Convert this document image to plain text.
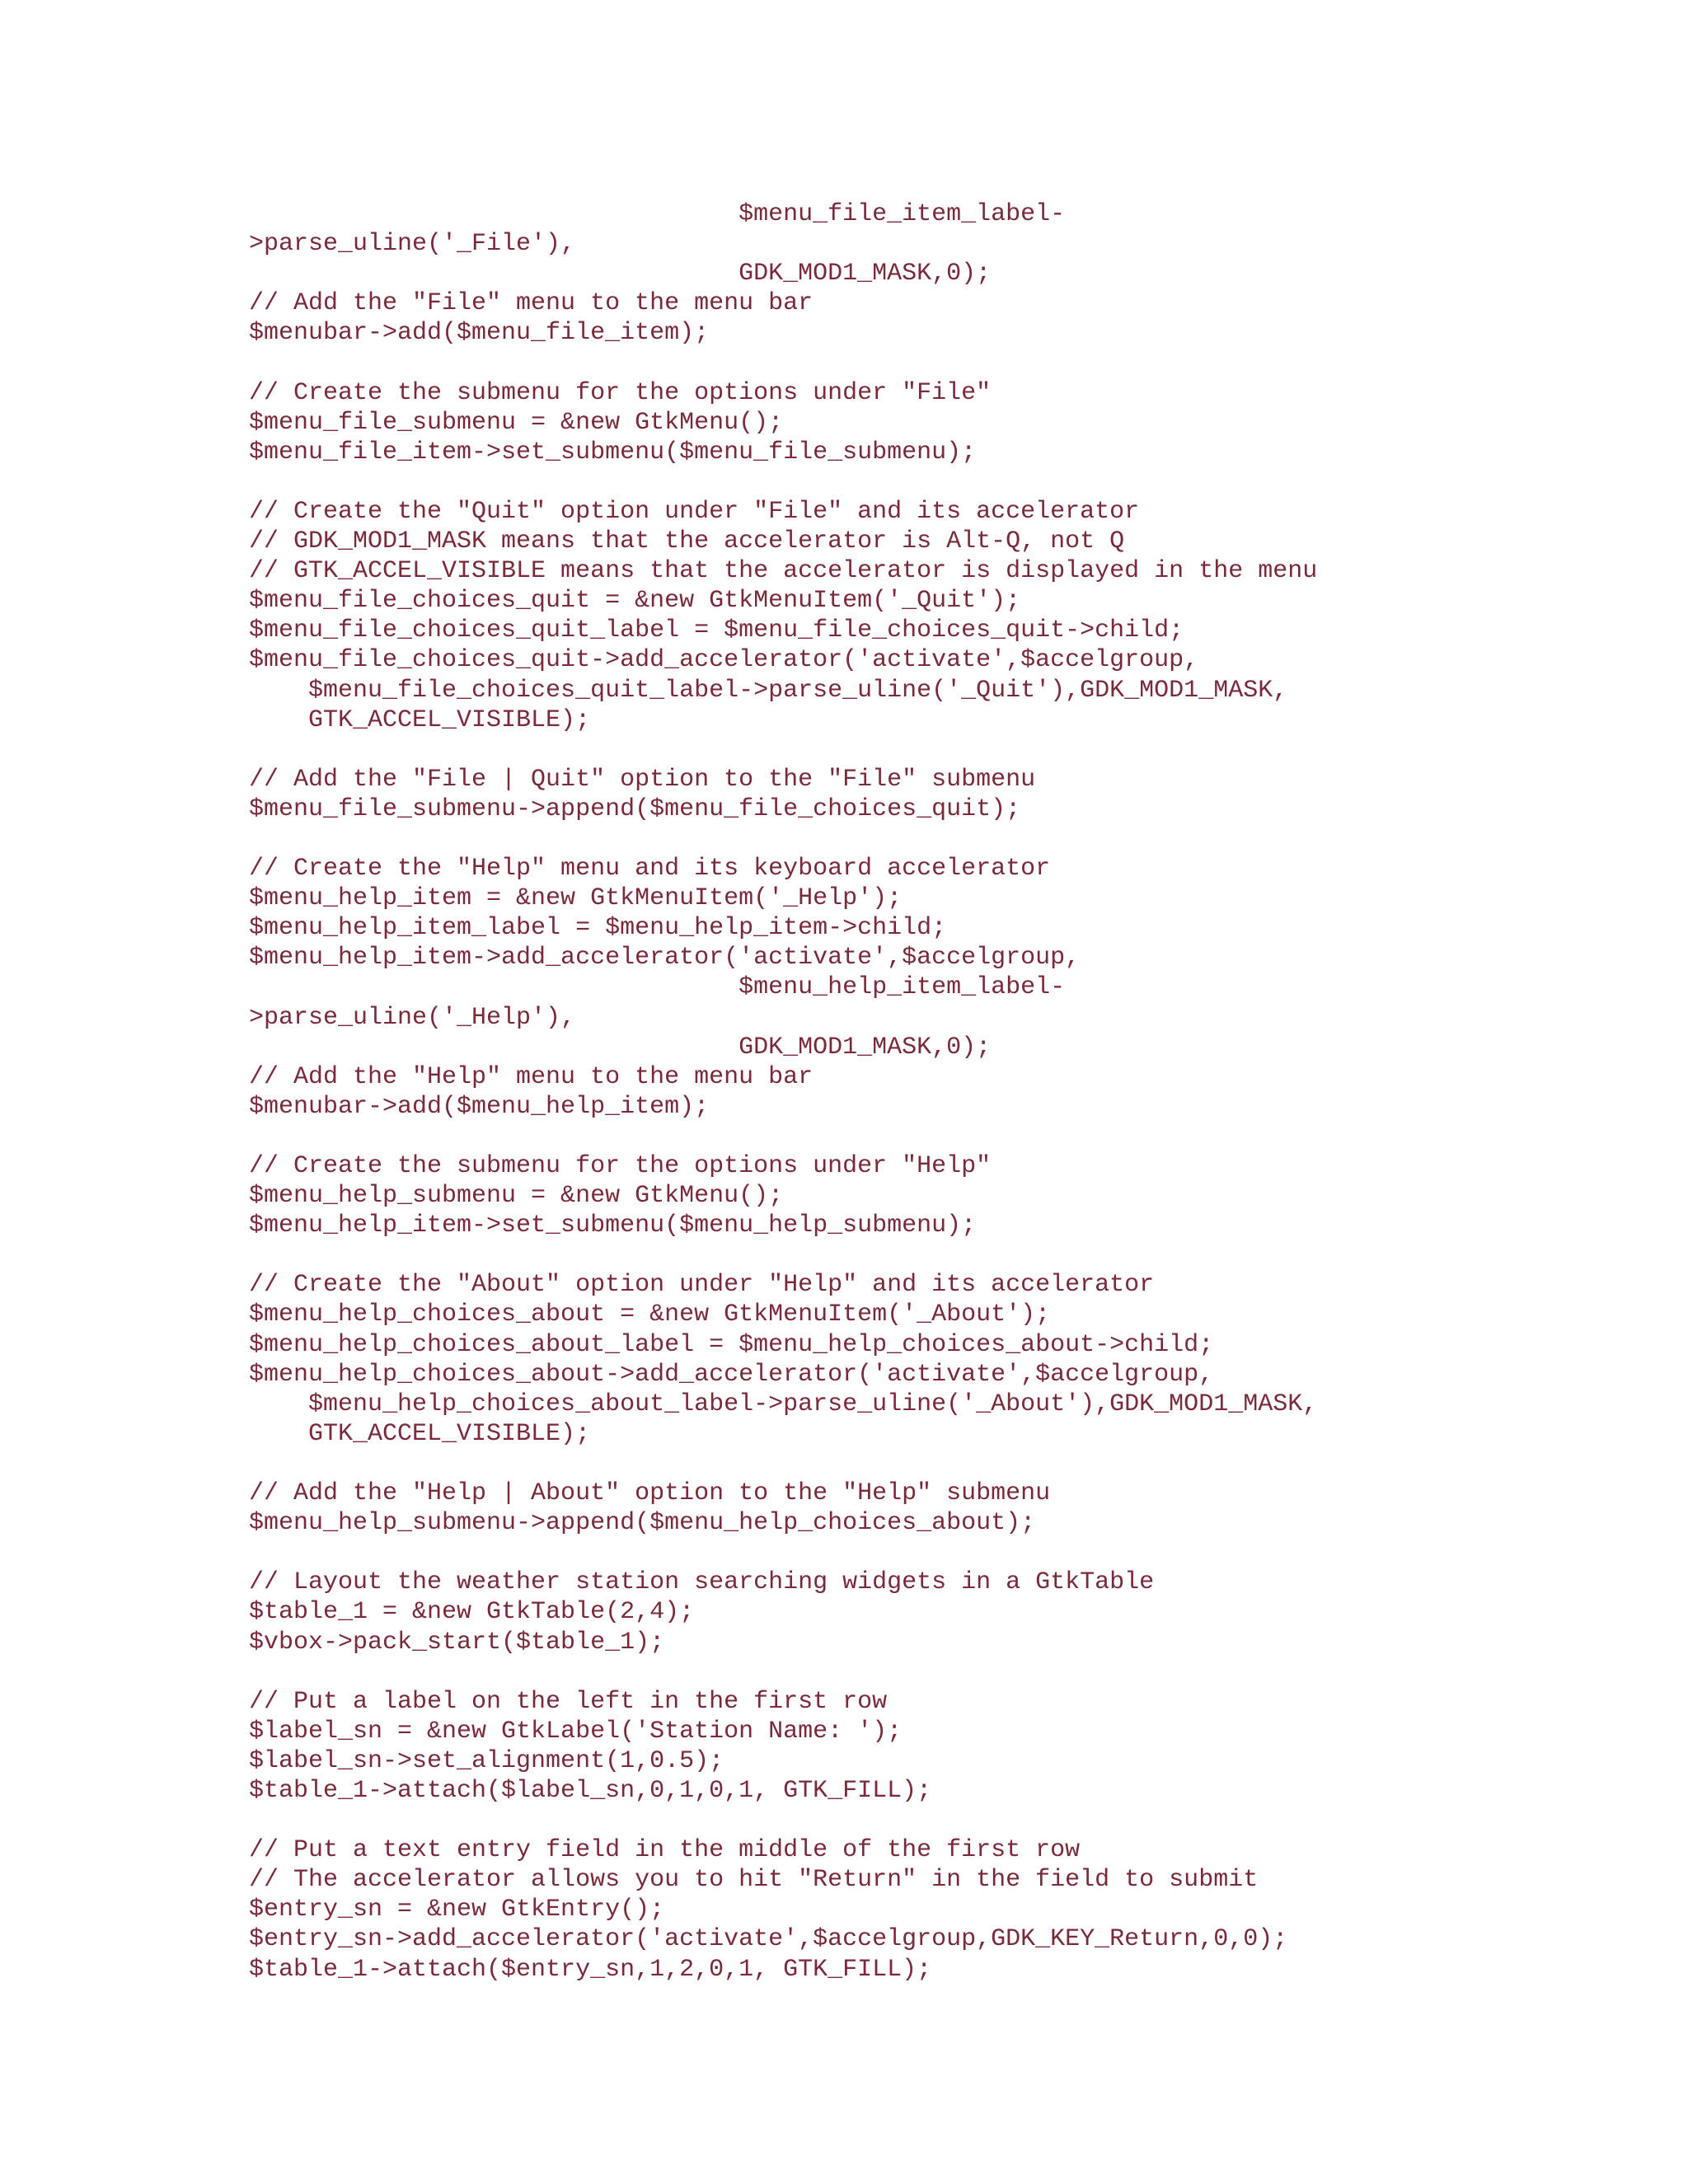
$menu_file_item_label-
>parse_uline('_File'),
GDK_MOD1_MASK,0);
// Add the "File" menu to the menu bar
$menubar->add($menu_file_item);
// Create the submenu for the options under "File"
$menu_file_submenu = &new GtkMenu();
$menu_file_item->set_submenu($menu_file_submenu);
// Create the "Quit" option under "File" and its accelerator
// GDK_MOD1_MASK means that the accelerator is Alt-Q, not Q
// GTK_ACCEL_VISIBLE means that the accelerator is displayed in the menu
$menu_file_choices_quit = &new GtkMenuItem('_Quit');
$menu_file_choices_quit_label = $menu_file_choices_quit->child;
$menu_file_choices_quit->add_accelerator('activate',$accelgroup,
$menu_file_choices_quit_label->parse_uline('_Quit'),GDK_MOD1_MASK,
GTK_ACCEL_VISIBLE);
// Add the "File | Quit" option to the "File" submenu
$menu_file_submenu->append($menu_file_choices_quit);
// Create the "Help" menu and its keyboard accelerator
$menu_help_item = &new GtkMenuItem('_Help');
$menu_help_item_label = $menu_help_item->child;
$menu_help_item->add_accelerator('activate',$accelgroup,
$menu_help_item_label-
>parse_uline('_Help'),
GDK_MOD1_MASK,0);
// Add the "Help" menu to the menu bar
$menubar->add($menu_help_item);
// Create the submenu for the options under "Help"
$menu_help_submenu = &new GtkMenu();
$menu_help_item->set_submenu($menu_help_submenu);
// Create the "About" option under "Help" and its accelerator
$menu_help_choices_about = &new GtkMenuItem('_About');
$menu_help_choices_about_label = $menu_help_choices_about->child;
$menu_help_choices_about->add_accelerator('activate',$accelgroup,
$menu_help_choices_about_label->parse_uline('_About'),GDK_MOD1_MASK,
GTK_ACCEL_VISIBLE);
// Add the "Help | About" option to the "Help" submenu
$menu_help_submenu->append($menu_help_choices_about);
// Layout the weather station searching widgets in a GtkTable
$table_1 = &new GtkTable(2,4);
$vbox->pack_start($table_1);
// Put a label on the left in the first row
$label_sn = &new GtkLabel('Station Name: ');
$label_sn->set_alignment(1,0.5);
$table_1->attach($label_sn,0,1,0,1, GTK_FILL);
// Put a text entry field in the middle of the first row
// The accelerator allows you to hit "Return" in the field to submit
$entry_sn = &new GtkEntry();
$entry_sn->add_accelerator('activate',$accelgroup,GDK_KEY_Return,0,0);
$table_1->attach($entry_sn,1,2,0,1, GTK_FILL);
